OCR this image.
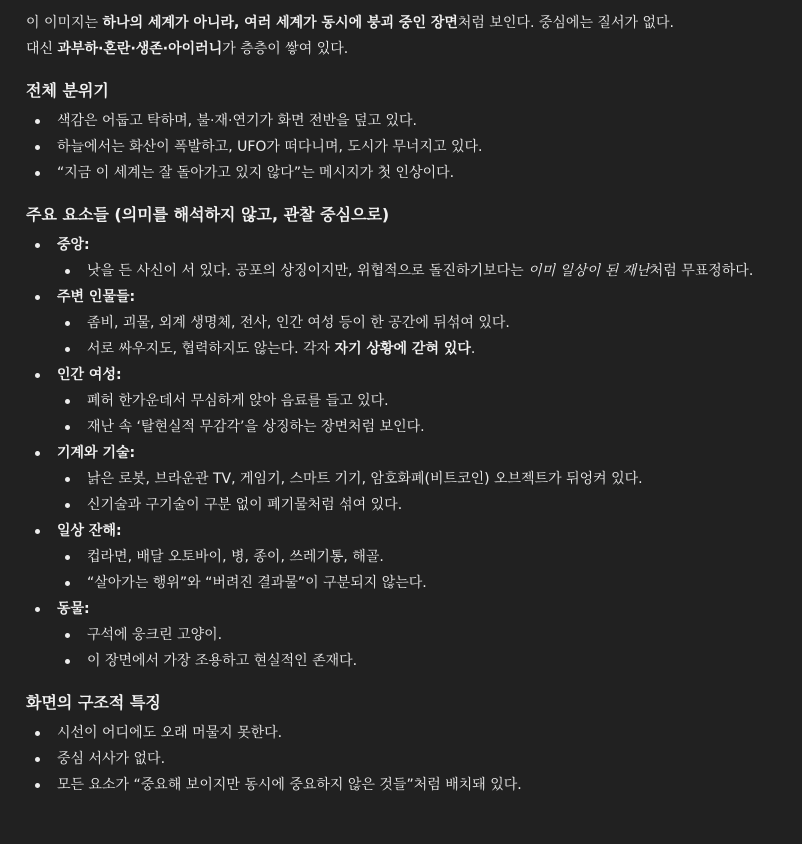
이 이미지는 하나의 세계가 아니라, 여러 세계가 동시에 붕괴 중인 장면처럼 보인다. 중심에는 질서가 없다.
대신 과부하·혼란·생존·아이러니가 층층이 쌓여 있다.

전체 분위기
색감은 어둡고 탁하며, 불·재·연기가 화면 전반을 덮고 있다.
하늘에서는 화산이 폭발하고, UFO가 떠다니며, 도시가 무너지고 있다.
“지금 이 세계는 잘 돌아가고 있지 않다”는 메시지가 첫 인상이다.
주요 요소들 (의미를 해석하지 않고, 관찰 중심으로)
중앙:
낫을 든 사신이 서 있다. 공포의 상징이지만, 위협적으로 돌진하기보다는 이미 일상이 된 재난처럼 무표정하다.
주변 인물들:
좀비, 괴물, 외계 생명체, 전사, 인간 여성 등이 한 공간에 뒤섞여 있다.
서로 싸우지도, 협력하지도 않는다. 각자 자기 상황에 갇혀 있다.
인간 여성:
폐허 한가운데서 무심하게 앉아 음료를 들고 있다.
재난 속 ‘탈현실적 무감각’을 상징하는 장면처럼 보인다.
기계와 기술:
낡은 로봇, 브라운관 TV, 게임기, 스마트 기기, 암호화폐(비트코인) 오브젝트가 뒤엉켜 있다.
신기술과 구기술이 구분 없이 폐기물처럼 섞여 있다.
일상 잔해:
컵라면, 배달 오토바이, 병, 종이, 쓰레기통, 해골.
“살아가는 행위”와 “버려진 결과물”이 구분되지 않는다.
동물:
구석에 웅크린 고양이.
이 장면에서 가장 조용하고 현실적인 존재다.
화면의 구조적 특징
시선이 어디에도 오래 머물지 못한다.
중심 서사가 없다.
모든 요소가 “중요해 보이지만 동시에 중요하지 않은 것들”처럼 배치돼 있다.
